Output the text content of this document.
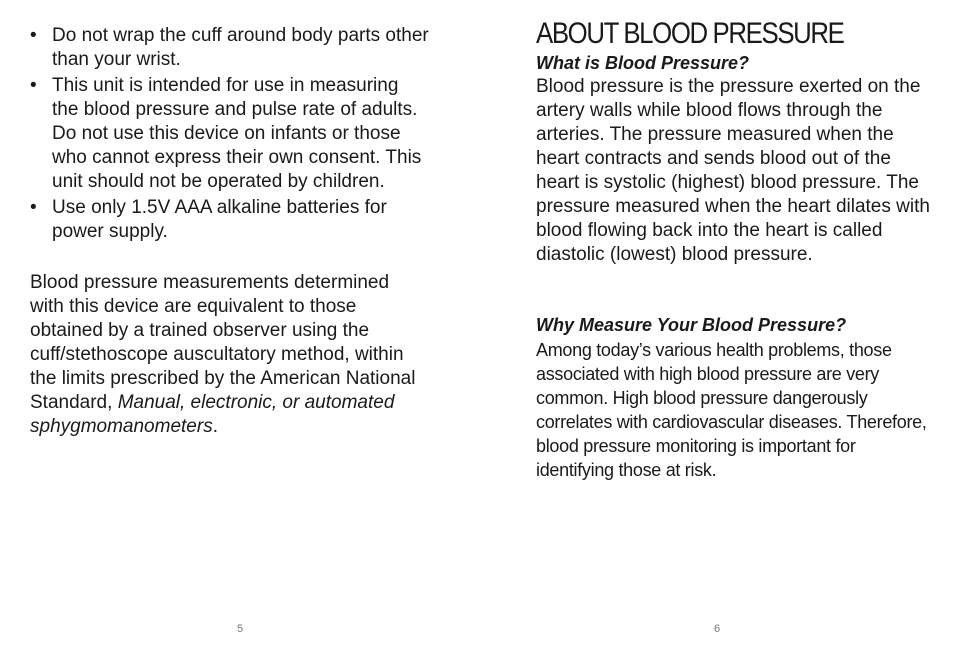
• Do not wrap the cuff around body parts other than your wrist.
• This unit is intended for use in measuring the blood pressure and pulse rate of adults. Do not use this device on infants or those who cannot express their own consent. This unit should not be operated by children.
• Use only 1.5V AAA alkaline batteries for power supply.

Blood pressure measurements determined with this device are equivalent to those obtained by a trained observer using the cuff/stethoscope auscultatory method, within the limits prescribed by the American National Standard, Manual, electronic, or automated sphygmomanometers.

5
ABOUT BLOOD PRESSURE
What is Blood Pressure?

Blood pressure is the pressure exerted on the artery walls while blood flows through the arteries. The pressure measured when the heart contracts and sends blood out of the heart is systolic (highest) blood pressure. The pressure measured when the heart dilates with blood flowing back into the heart is called diastolic (lowest) blood pressure.

Why Measure Your Blood Pressure?

Among today’s various health problems, those associated with high blood pressure are very common. High blood pressure dangerously correlates with cardiovascular diseases. Therefore, blood pressure monitoring is important for identifying those at risk.

6
